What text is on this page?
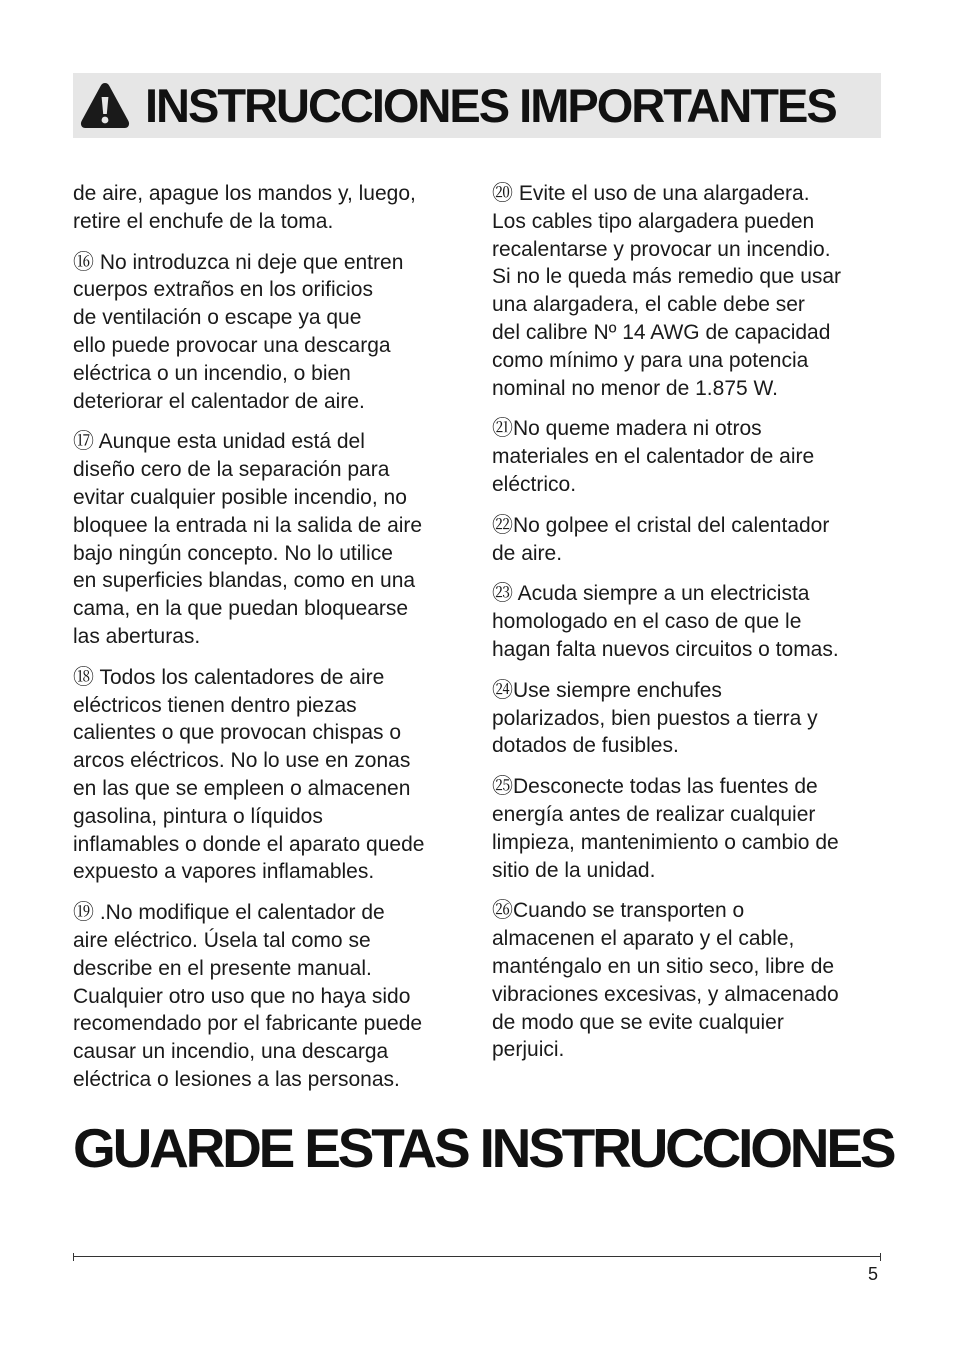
INSTRUCCIONES IMPORTANTES

de aire, apague los mandos y, luego,
retire el enchufe de la toma.

⑯ No introduzca ni deje que entren
cuerpos extraños en los orificios
de ventilación o escape ya que
ello puede provocar una descarga
eléctrica o un incendio, o bien
deteriorar el calentador de aire.

⑰ Aunque esta unidad está del
diseño cero de la separación para
evitar cualquier posible incendio, no
bloquee la entrada ni la salida de aire
bajo ningún concepto. No lo utilice
en superficies blandas, como en una
cama, en la que puedan bloquearse
las aberturas.

⑱ Todos los calentadores de aire
eléctricos tienen dentro piezas
calientes o que provocan chispas o
arcos eléctricos. No lo use en zonas
en las que se empleen o almacenen
gasolina, pintura o líquidos
inflamables o donde el aparato quede
expuesto a vapores inflamables.

⑲ .No modifique el calentador de
aire eléctrico. Úsela tal como se
describe en el presente manual.
Cualquier otro uso que no haya sido
recomendado por el fabricante puede
causar un incendio, una descarga
eléctrica o lesiones a las personas.

⑳ Evite el uso de una alargadera.
Los cables tipo alargadera pueden
recalentarse y provocar un incendio.
Si no le queda más remedio que usar
una alargadera, el cable debe ser
del calibre Nº 14 AWG de capacidad
como mínimo y para una potencia
nominal no menor de 1.875 W.

㉑No queme madera ni otros
materiales en el calentador de aire
eléctrico.

㉒No golpee el cristal del calentador
de aire.

㉓ Acuda siempre a un electricista
homologado en el caso de que le
hagan falta nuevos circuitos o tomas.

㉔Use siempre enchufes
polarizados, bien puestos a tierra y
dotados de fusibles.

㉕Desconecte todas las fuentes de
energía antes de realizar cualquier
limpieza, mantenimiento o cambio de
sitio de la unidad.

㉖Cuando se transporten o
almacenen el aparato y el cable,
manténgalo en un sitio seco, libre de
vibraciones excesivas, y almacenado
de modo que se evite cualquier
perjuici.

GUARDE ESTAS INSTRUCCIONES
5
